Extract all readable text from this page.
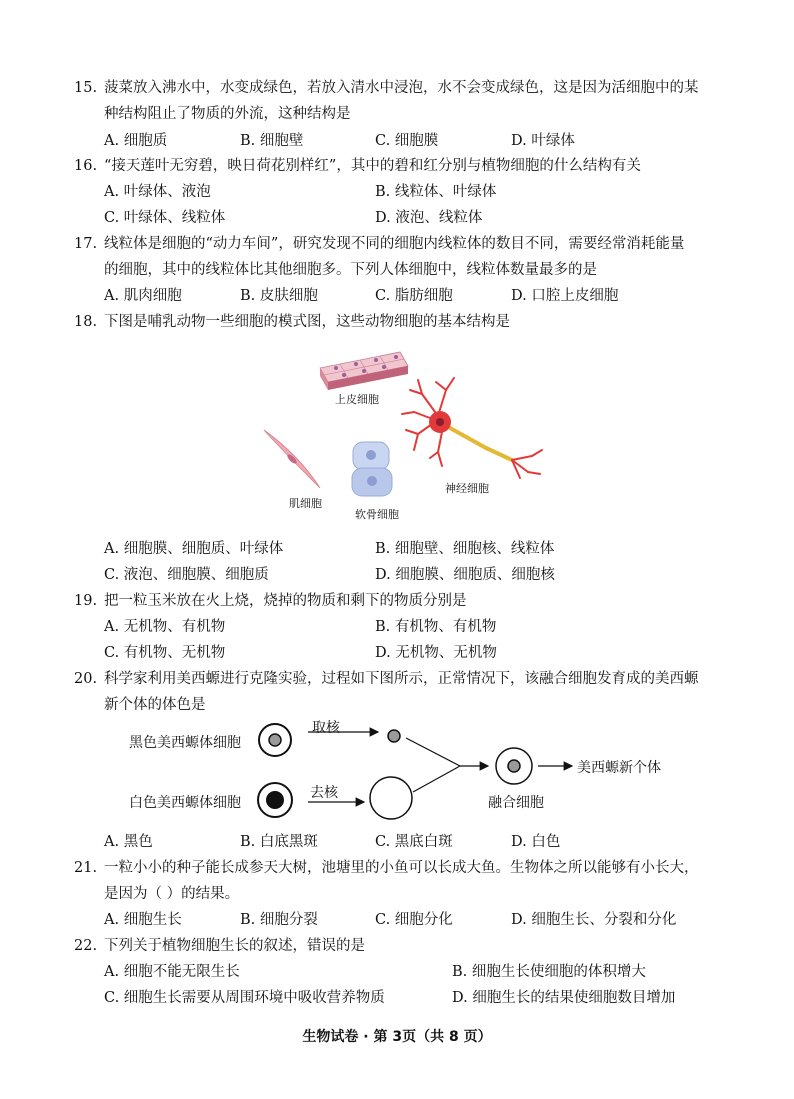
15. 菠菜放入沸水中，水变成绿色，若放入清水中浸泡，水不会变成绿色，这是因为活细胞中的某
种结构阻止了物质的外流，这种结构是
A. 细胞质	B. 细胞壁	C. 细胞膜	D. 叶绿体
16. “接天莲叶无穷碧，映日荷花别样红”，其中的碧和红分别与植物细胞的什么结构有关
A. 叶绿体、液泡	B. 线粒体、叶绿体
C. 叶绿体、线粒体	D. 液泡、线粒体
17. 线粒体是细胞的“动力车间”，研究发现不同的细胞内线粒体的数目不同，需要经常消耗能量
的细胞，其中的线粒体比其他细胞多。下列人体细胞中，线粒体数量最多的是
A. 肌肉细胞	B. 皮肤细胞	C. 脂肪细胞	D. 口腔上皮细胞
18. 下图是哺乳动物一些细胞的模式图，这些动物细胞的基本结构是
上皮细胞
肌细胞
软骨细胞
神经细胞
A. 细胞膜、细胞质、叶绿体	B. 细胞壁、细胞核、线粒体
C. 液泡、细胞膜、细胞质	D. 细胞膜、细胞质、细胞核
19. 把一粒玉米放在火上烧，烧掉的物质和剩下的物质分别是
A. 无机物、有机物	B. 有机物、有机物
C. 有机物、无机物	D. 无机物、无机物
20. 科学家利用美西螈进行克隆实验，过程如下图所示，正常情况下，该融合细胞发育成的美西螈
新个体的体色是
黑色美西螈体细胞
取核
白色美西螈体细胞
去核
融合细胞
美西螈新个体
A. 黑色	B. 白底黑斑	C. 黑底白斑	D. 白色
21. 一粒小小的种子能长成参天大树，池塘里的小鱼可以长成大鱼。生物体之所以能够有小长大，
是因为（ ）的结果。
A. 细胞生长	B. 细胞分裂	C. 细胞分化	D. 细胞生长、分裂和分化
22. 下列关于植物细胞生长的叙述，错误的是
A. 细胞不能无限生长	B. 细胞生长使细胞的体积增大
C. 细胞生长需要从周围环境中吸收营养物质	D. 细胞生长的结果使细胞数目增加
生物试卷 · 第 3页（共 8 页）
